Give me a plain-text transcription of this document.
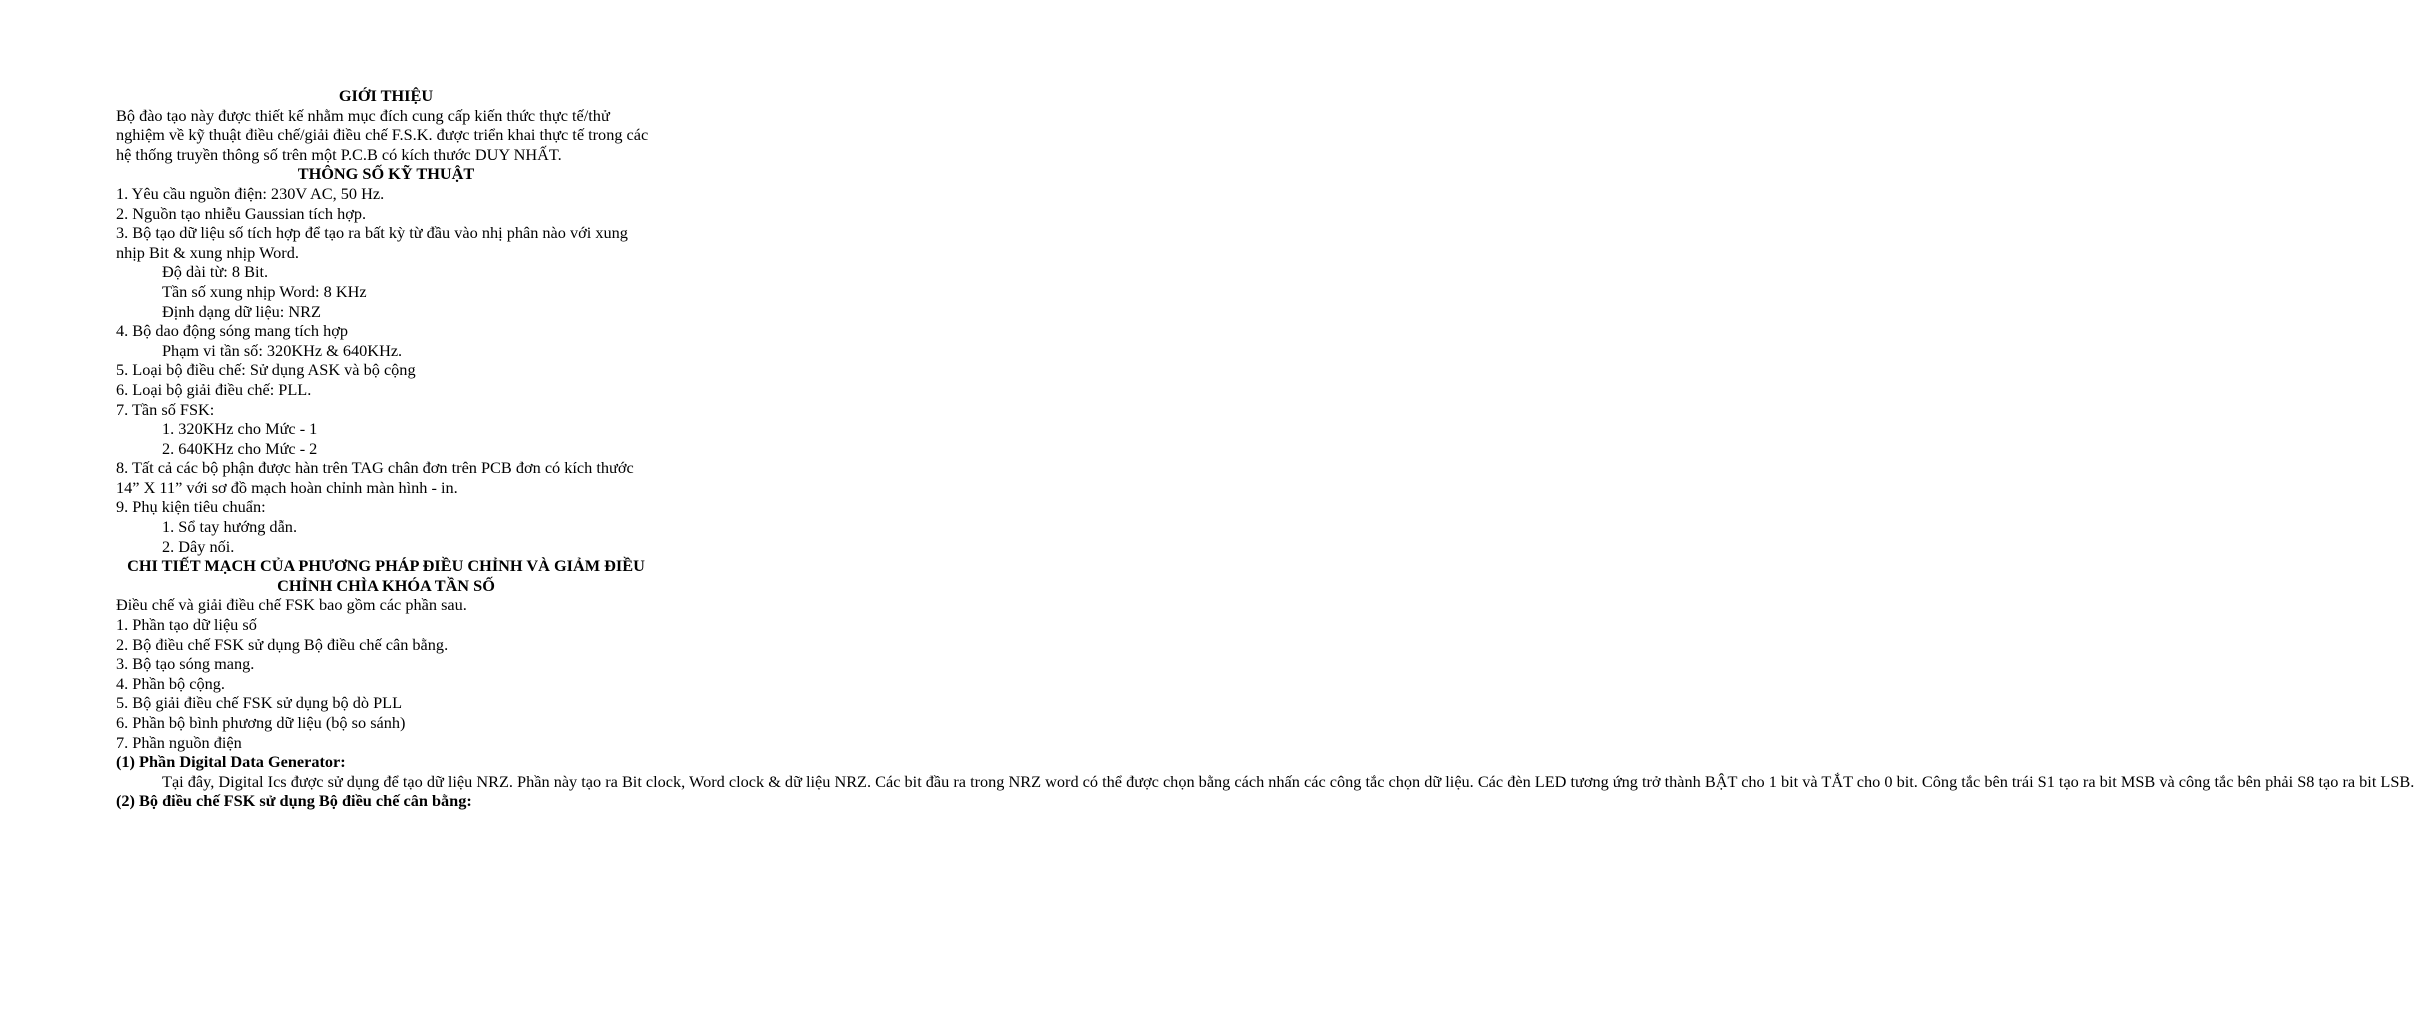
GIỚI THIỆU

Bộ đào tạo này được thiết kế nhằm mục đích cung cấp kiến thức thực tế/thử nghiệm về kỹ thuật điều chế/giải điều chế F.S.K. được triển khai thực tế trong các hệ thống truyền thông số trên một P.C.B có kích thước DUY NHẤT.

THÔNG SỐ KỸ THUẬT

1. Yêu cầu nguồn điện: 230V AC, 50 Hz.

2. Nguồn tạo nhiễu Gaussian tích hợp.

3. Bộ tạo dữ liệu số tích hợp để tạo ra bất kỳ từ đầu vào nhị phân nào với xung nhịp Bit & xung nhịp Word.

Độ dài từ: 8 Bit.

Tần số xung nhịp Word: 8 KHz

Định dạng dữ liệu: NRZ

4. Bộ dao động sóng mang tích hợp

Phạm vi tần số: 320KHz & 640KHz.

5. Loại bộ điều chế: Sử dụng ASK và bộ cộng

6. Loại bộ giải điều chế: PLL.

7. Tần số FSK:

1. 320KHz cho Mức - 1

2. 640KHz cho Mức - 2

8. Tất cả các bộ phận được hàn trên TAG chân đơn trên PCB đơn có kích thước 14” X 11” với sơ đồ mạch hoàn chỉnh màn hình - in.

9. Phụ kiện tiêu chuẩn:

1. Sổ tay hướng dẫn.

2. Dây nối.

CHI TIẾT MẠCH CỦA PHƯƠNG PHÁP ĐIỀU CHỈNH VÀ GIẢM ĐIỀU CHỈNH CHÌA KHÓA TẦN SỐ

Điều chế và giải điều chế FSK bao gồm các phần sau.

1. Phần tạo dữ liệu số

2. Bộ điều chế FSK sử dụng Bộ điều chế cân bằng.

3. Bộ tạo sóng mang.

4. Phần bộ cộng.

5. Bộ giải điều chế FSK sử dụng bộ dò PLL

6. Phần bộ bình phương dữ liệu (bộ so sánh)

7. Phần nguồn điện

(1) Phần Digital Data Generator:

Tại đây, Digital Ics được sử dụng để tạo dữ liệu NRZ. Phần này tạo ra Bit clock, Word clock & dữ liệu NRZ. Các bit đầu ra trong NRZ word có thể được chọn bằng cách nhấn các công tắc chọn dữ liệu. Các đèn LED tương ứng trở thành BẬT cho 1 bit và TẮT cho 0 bit. Công tắc bên trái S1 tạo ra bit MSB và công tắc bên phải S8 tạo ra bit LSB.

(2) Bộ điều chế FSK sử dụng Bộ điều chế cân bằng:
